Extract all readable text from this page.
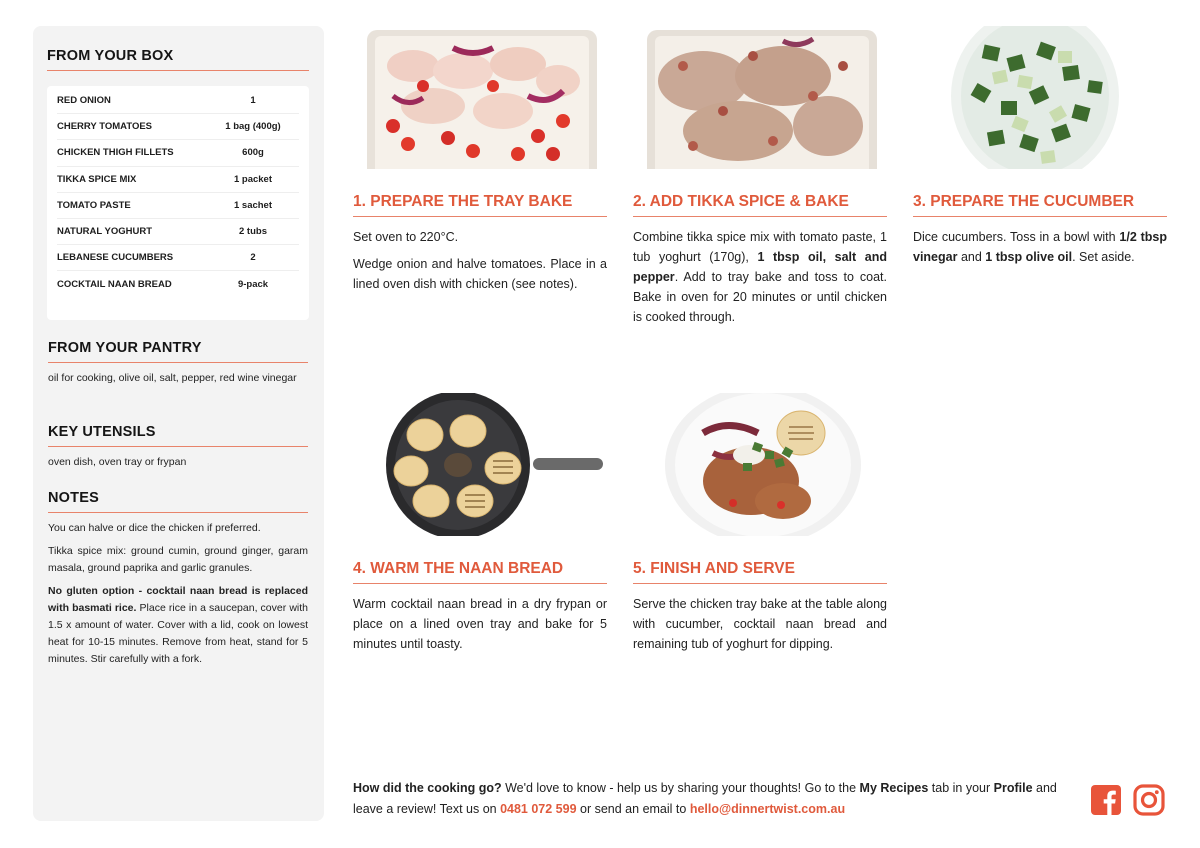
FROM YOUR BOX
RED ONION	1
CHERRY TOMATOES	1 bag (400g)
CHICKEN THIGH FILLETS	600g
TIKKA SPICE MIX	1 packet
TOMATO PASTE	1 sachet
NATURAL YOGHURT	2 tubs
LEBANESE CUCUMBERS	2
COCKTAIL NAAN BREAD	9-pack
FROM YOUR PANTRY

oil for cooking, olive oil, salt, pepper, red wine vinegar

KEY UTENSILS

oven dish, oven tray or frypan

NOTES

You can halve or dice the chicken if preferred.

Tikka spice mix: ground cumin, ground ginger, garam masala, ground paprika and garlic granules.

No gluten option - cocktail naan bread is replaced with basmati rice. Place rice in a saucepan, cover with 1.5 x amount of water. Cover with a lid, cook on lowest heat for 10-15 minutes. Remove from heat, stand for 5 minutes. Stir carefully with a fork.

1. PREPARE THE TRAY BAKE

Set oven to 220°C.

Wedge onion and halve tomatoes. Place in a lined oven dish with chicken (see notes).

2. ADD TIKKA SPICE & BAKE

Combine tikka spice mix with tomato paste, 1 tub yoghurt (170g), 1 tbsp oil, salt and pepper. Add to tray bake and toss to coat. Bake in oven for 20 minutes or until chicken is cooked through.

3. PREPARE THE CUCUMBER

Dice cucumbers. Toss in a bowl with 1/2 tbsp vinegar and 1 tbsp olive oil. Set aside.

4. WARM THE NAAN BREAD

Warm cocktail naan bread in a dry frypan or place on a lined oven tray and bake for 5 minutes until toasty.

5. FINISH AND SERVE

Serve the chicken tray bake at the table along with cucumber, cocktail naan bread and remaining tub of yoghurt for dipping.

How did the cooking go? We'd love to know - help us by sharing your thoughts! Go to the My Recipes tab in your Profile and leave a review! Text us on 0481 072 599 or send an email to hello@dinnertwist.com.au
